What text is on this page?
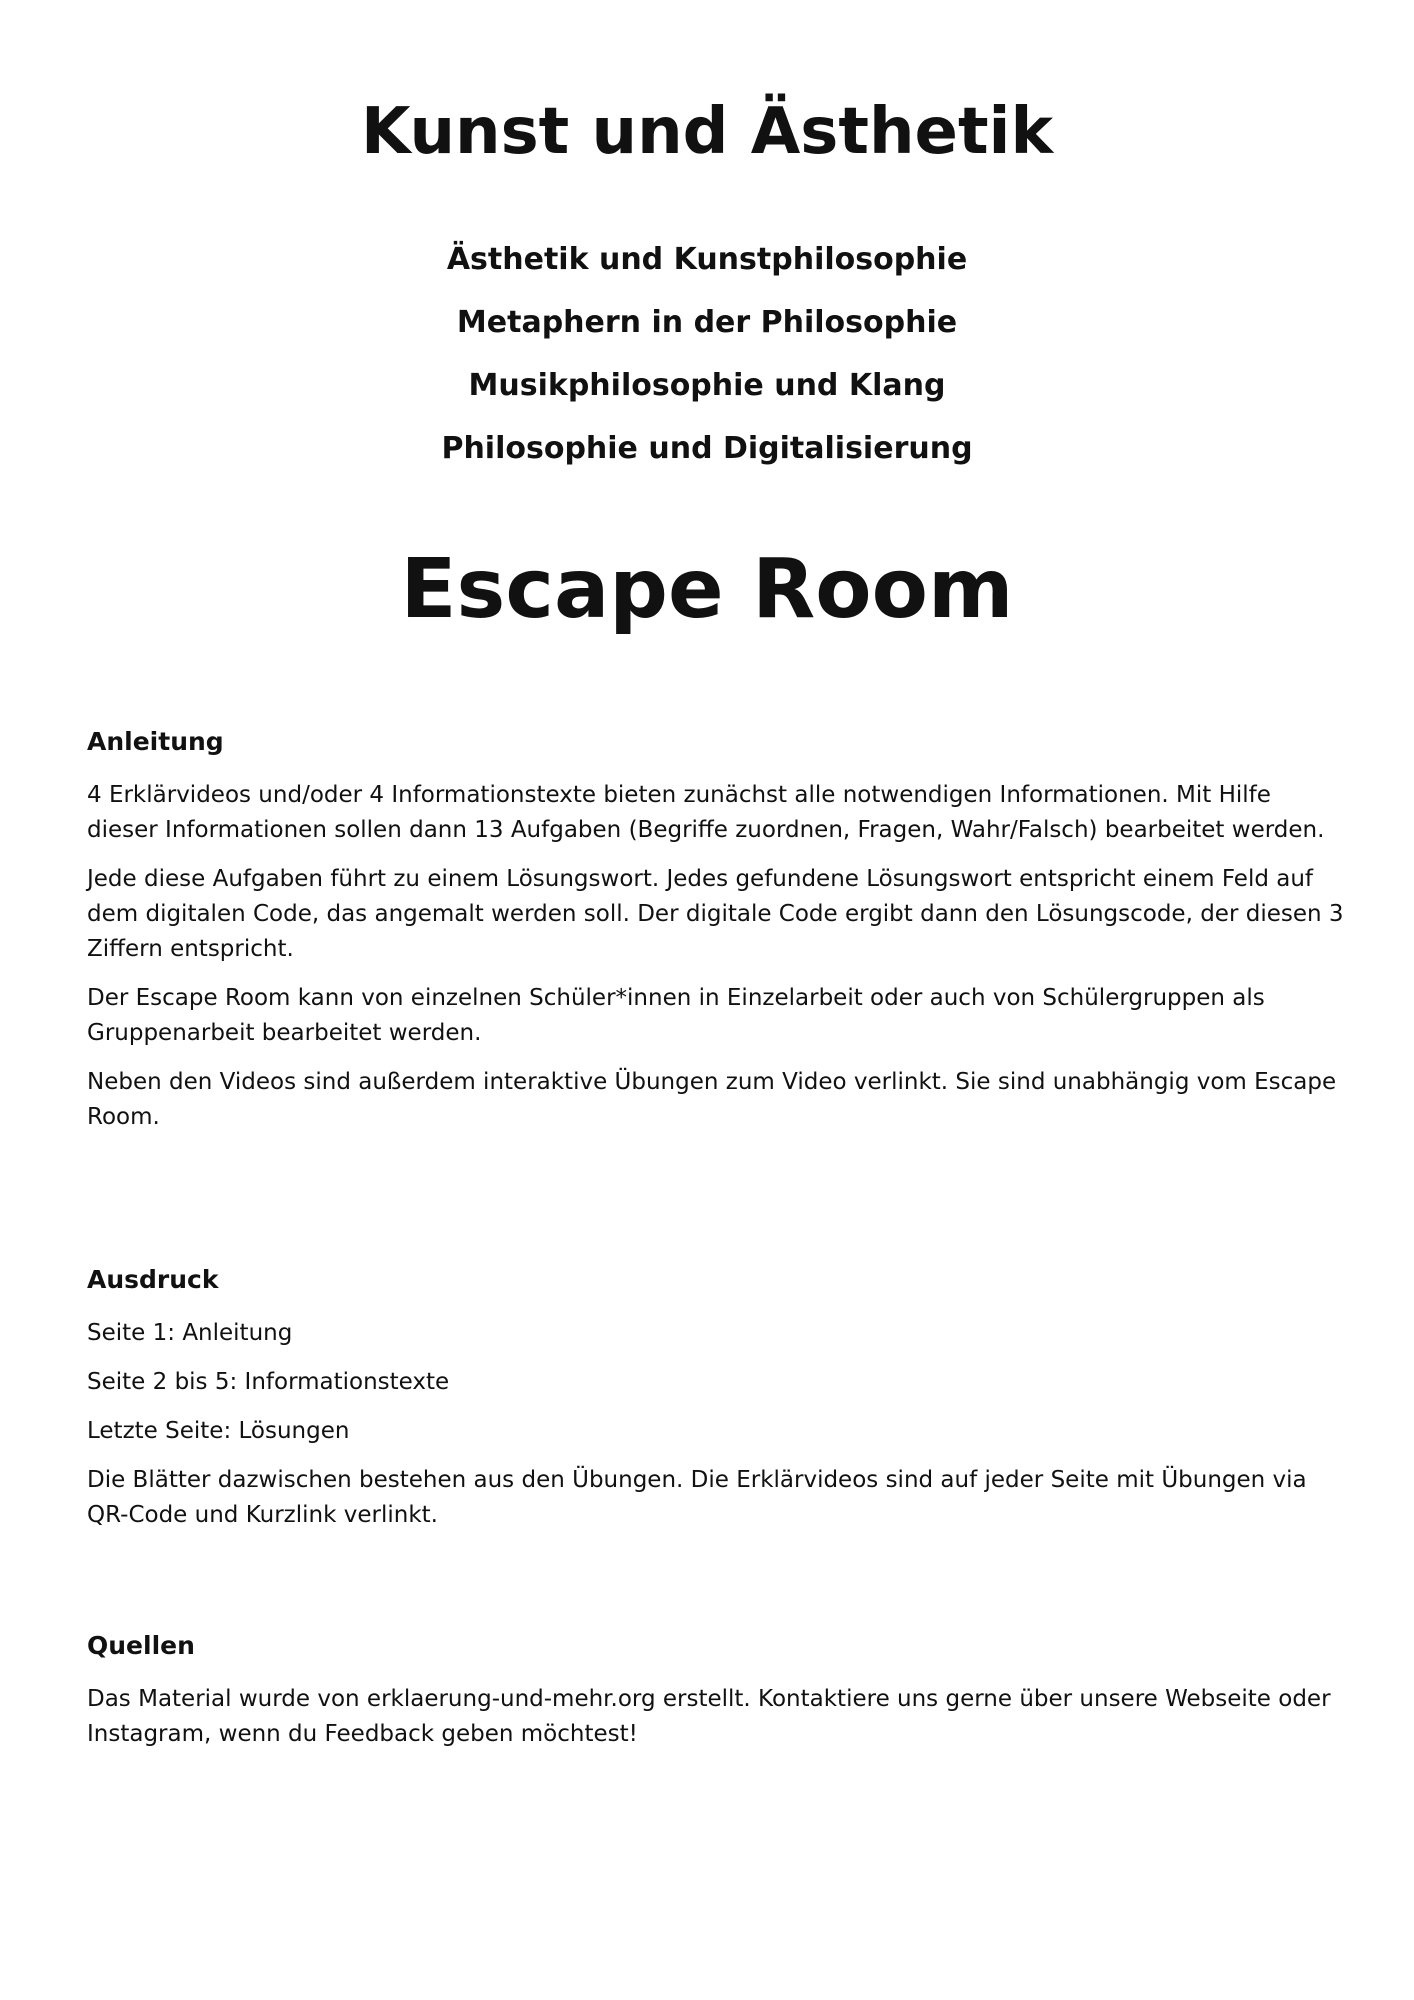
Kunst und Ästhetik
Ästhetik und Kunstphilosophie
Metaphern in der Philosophie
Musikphilosophie und Klang
Philosophie und Digitalisierung
Escape Room
Anleitung

4 Erklärvideos und/oder 4 Informationstexte bieten zunächst alle notwendigen Informationen. Mit Hilfe dieser Informationen sollen dann 13 Aufgaben (Begriffe zuordnen, Fragen, Wahr/Falsch) bearbeitet werden.

Jede diese Aufgaben führt zu einem Lösungswort. Jedes gefundene Lösungswort entspricht einem Feld auf dem digitalen Code, das angemalt werden soll. Der digitale Code ergibt dann den Lösungscode, der diesen 3 Ziffern entspricht.

Der Escape Room kann von einzelnen Schüler*innen in Einzelarbeit oder auch von Schülergruppen als Gruppenarbeit bearbeitet werden.

Neben den Videos sind außerdem interaktive Übungen zum Video verlinkt. Sie sind unabhängig vom Escape Room.

Ausdruck

Seite 1: Anleitung

Seite 2 bis 5: Informationstexte

Letzte Seite: Lösungen

Die Blätter dazwischen bestehen aus den Übungen. Die Erklärvideos sind auf jeder Seite mit Übungen via QR-Code und Kurzlink verlinkt.

Quellen

Das Material wurde von erklaerung-und-mehr.org erstellt. Kontaktiere uns gerne über unsere Webseite oder Instagram, wenn du Feedback geben möchtest!
